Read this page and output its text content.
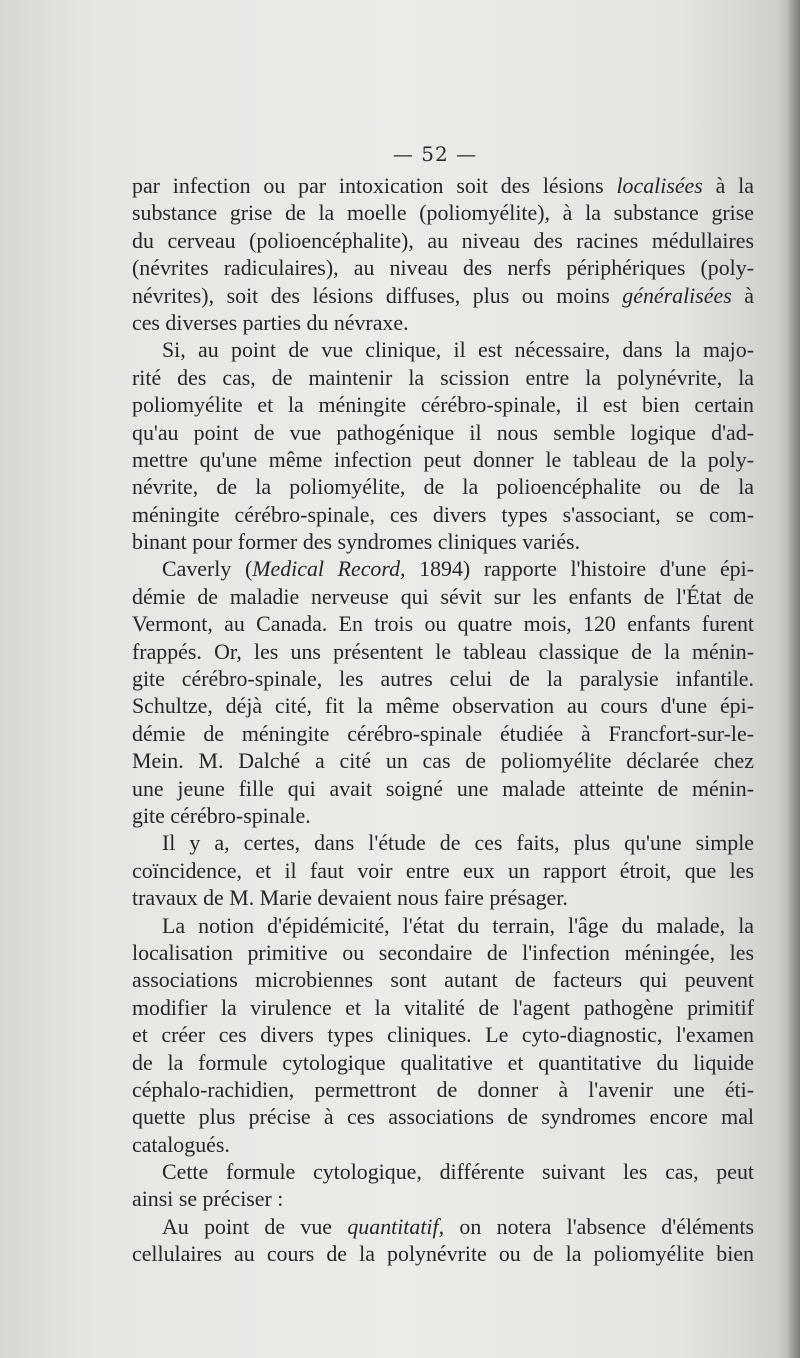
— 52 —
par infection ou par intoxication soit des lésions localisées à la
substance grise de la moelle (poliomyélite), à la substance grise
du cerveau (polioencéphalite), au niveau des racines médullaires
(névrites radiculaires), au niveau des nerfs périphériques (poly-
névrites), soit des lésions diffuses, plus ou moins généralisées à
ces diverses parties du névraxe.
Si, au point de vue clinique, il est nécessaire, dans la majo-
rité des cas, de maintenir la scission entre la polynévrite, la
poliomyélite et la méningite cérébro-spinale, il est bien certain
qu'au point de vue pathogénique il nous semble logique d'ad-
mettre qu'une même infection peut donner le tableau de la poly-
névrite, de la poliomyélite, de la polioencéphalite ou de la
méningite cérébro-spinale, ces divers types s'associant, se com-
binant pour former des syndromes cliniques variés.
Caverly (Medical Record, 1894) rapporte l'histoire d'une épi-
démie de maladie nerveuse qui sévit sur les enfants de l'État de
Vermont, au Canada. En trois ou quatre mois, 120 enfants furent
frappés. Or, les uns présentent le tableau classique de la ménin-
gite cérébro-spinale, les autres celui de la paralysie infantile.
Schultze, déjà cité, fit la même observation au cours d'une épi-
démie de méningite cérébro-spinale étudiée à Francfort-sur-le-
Mein. M. Dalché a cité un cas de poliomyélite déclarée chez
une jeune fille qui avait soigné une malade atteinte de ménin-
gite cérébro-spinale.
Il y a, certes, dans l'étude de ces faits, plus qu'une simple
coïncidence, et il faut voir entre eux un rapport étroit, que les
travaux de M. Marie devaient nous faire présager.
La notion d'épidémicité, l'état du terrain, l'âge du malade, la
localisation primitive ou secondaire de l'infection méningée, les
associations microbiennes sont autant de facteurs qui peuvent
modifier la virulence et la vitalité de l'agent pathogène primitif
et créer ces divers types cliniques. Le cyto-diagnostic, l'examen
de la formule cytologique qualitative et quantitative du liquide
céphalo-rachidien, permettront de donner à l'avenir une éti-
quette plus précise à ces associations de syndromes encore mal
catalogués.
Cette formule cytologique, différente suivant les cas, peut
ainsi se préciser :
Au point de vue quantitatif, on notera l'absence d'éléments
cellulaires au cours de la polynévrite ou de la poliomyélite bien
